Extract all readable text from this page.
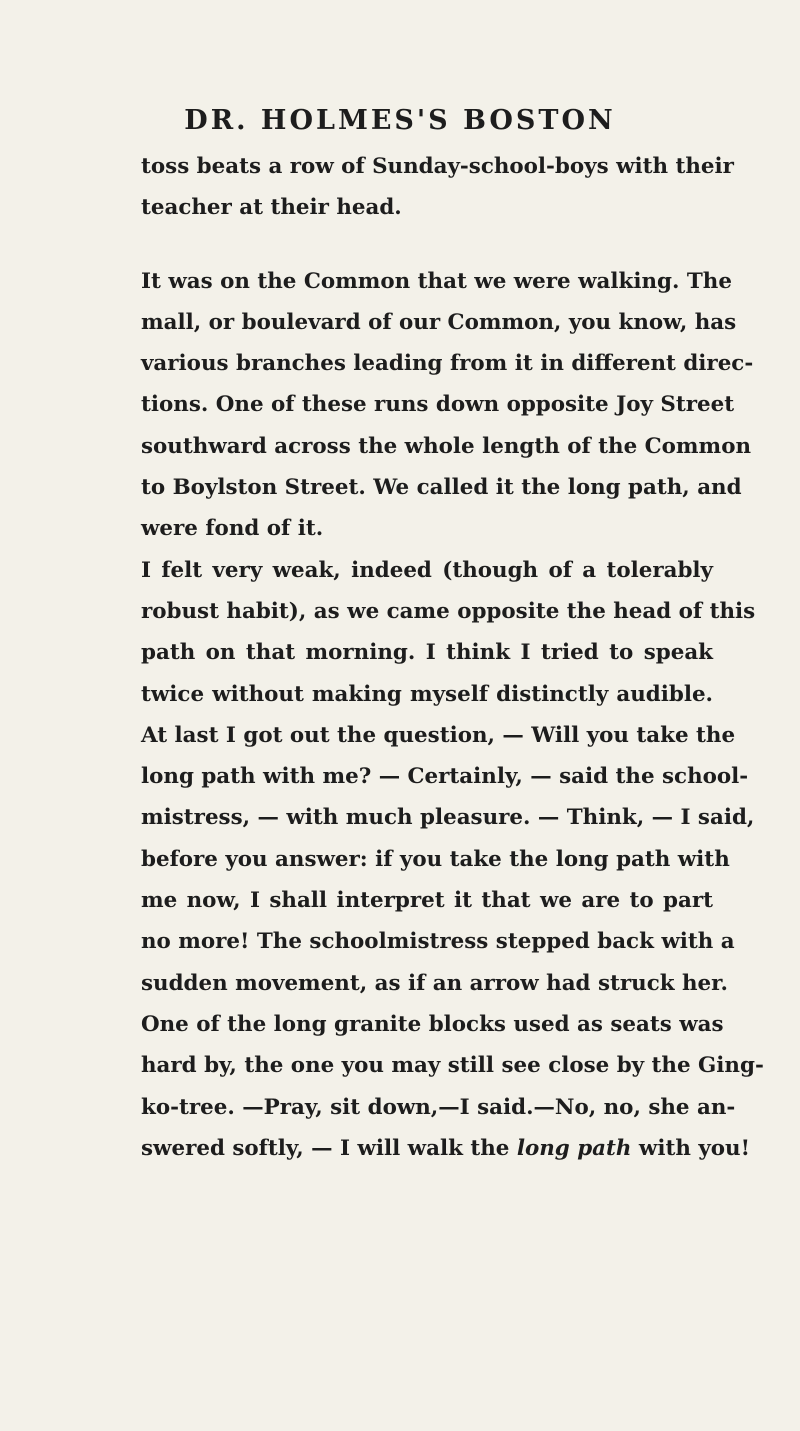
DR. HOLMES'S BOSTON
toss beats a row of Sunday-school-boys with their
teacher at their head.
It was on the Common that we were walking. The
mall, or boulevard of our Common, you know, has
various branches leading from it in different direc-
tions. One of these runs down opposite Joy Street
southward across the whole length of the Common
to Boylston Street. We called it the long path, and
were fond of it.
I felt very weak, indeed (though of a tolerably
robust habit), as we came opposite the head of this
path on that morning. I think I tried to speak
twice without making myself distinctly audible.
At last I got out the question, — Will you take the
long path with me? — Certainly, — said the school-
mistress, — with much pleasure. — Think, — I said,
before you answer: if you take the long path with
me now, I shall interpret it that we are to part
no more! The schoolmistress stepped back with a
sudden movement, as if an arrow had struck her.
One of the long granite blocks used as seats was
hard by, the one you may still see close by the Ging-
ko-tree. —Pray, sit down,—I said.—No, no, she an-
swered softly, — I will walk the long path with you!
